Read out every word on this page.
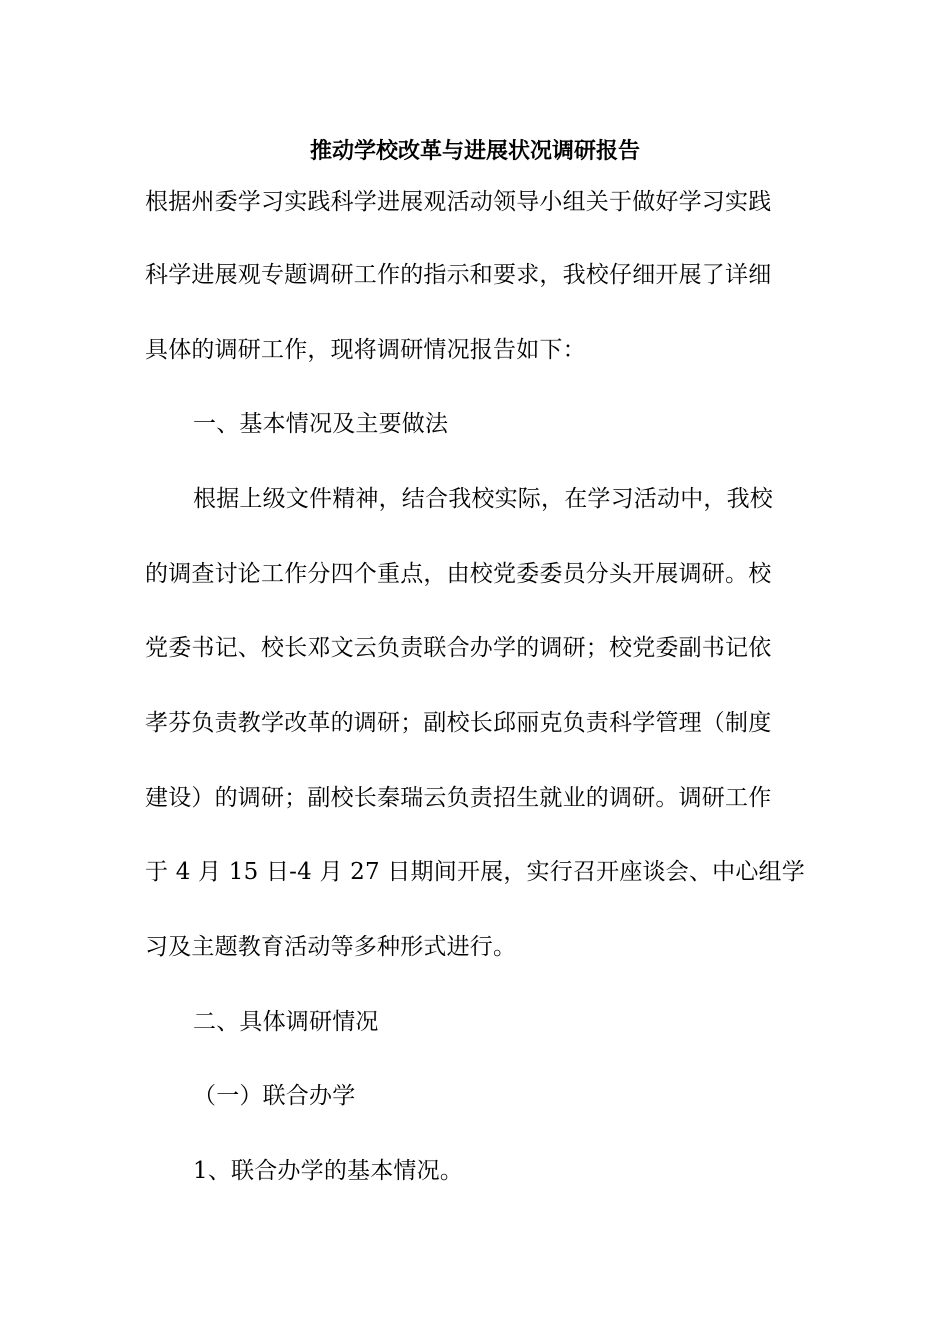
推动学校改革与进展状况调研报告
根据州委学习实践科学进展观活动领导小组关于做好学习实践
科学进展观专题调研工作的指示和要求，我校仔细开展了详细
具体的调研工作，现将调研情况报告如下：
一、基本情况及主要做法
根据上级文件精神，结合我校实际，在学习活动中，我校
的调查讨论工作分四个重点，由校党委委员分头开展调研。校
党委书记、校长邓文云负责联合办学的调研；校党委副书记依
孝芬负责教学改革的调研；副校长邱丽克负责科学管理（制度
建设）的调研；副校长秦瑞云负责招生就业的调研。调研工作
于 4 月 15 日-4 月 27 日期间开展，实行召开座谈会、中心组学
习及主题教育活动等多种形式进行。
二、具体调研情况
（一）联合办学
1、联合办学的基本情况。
